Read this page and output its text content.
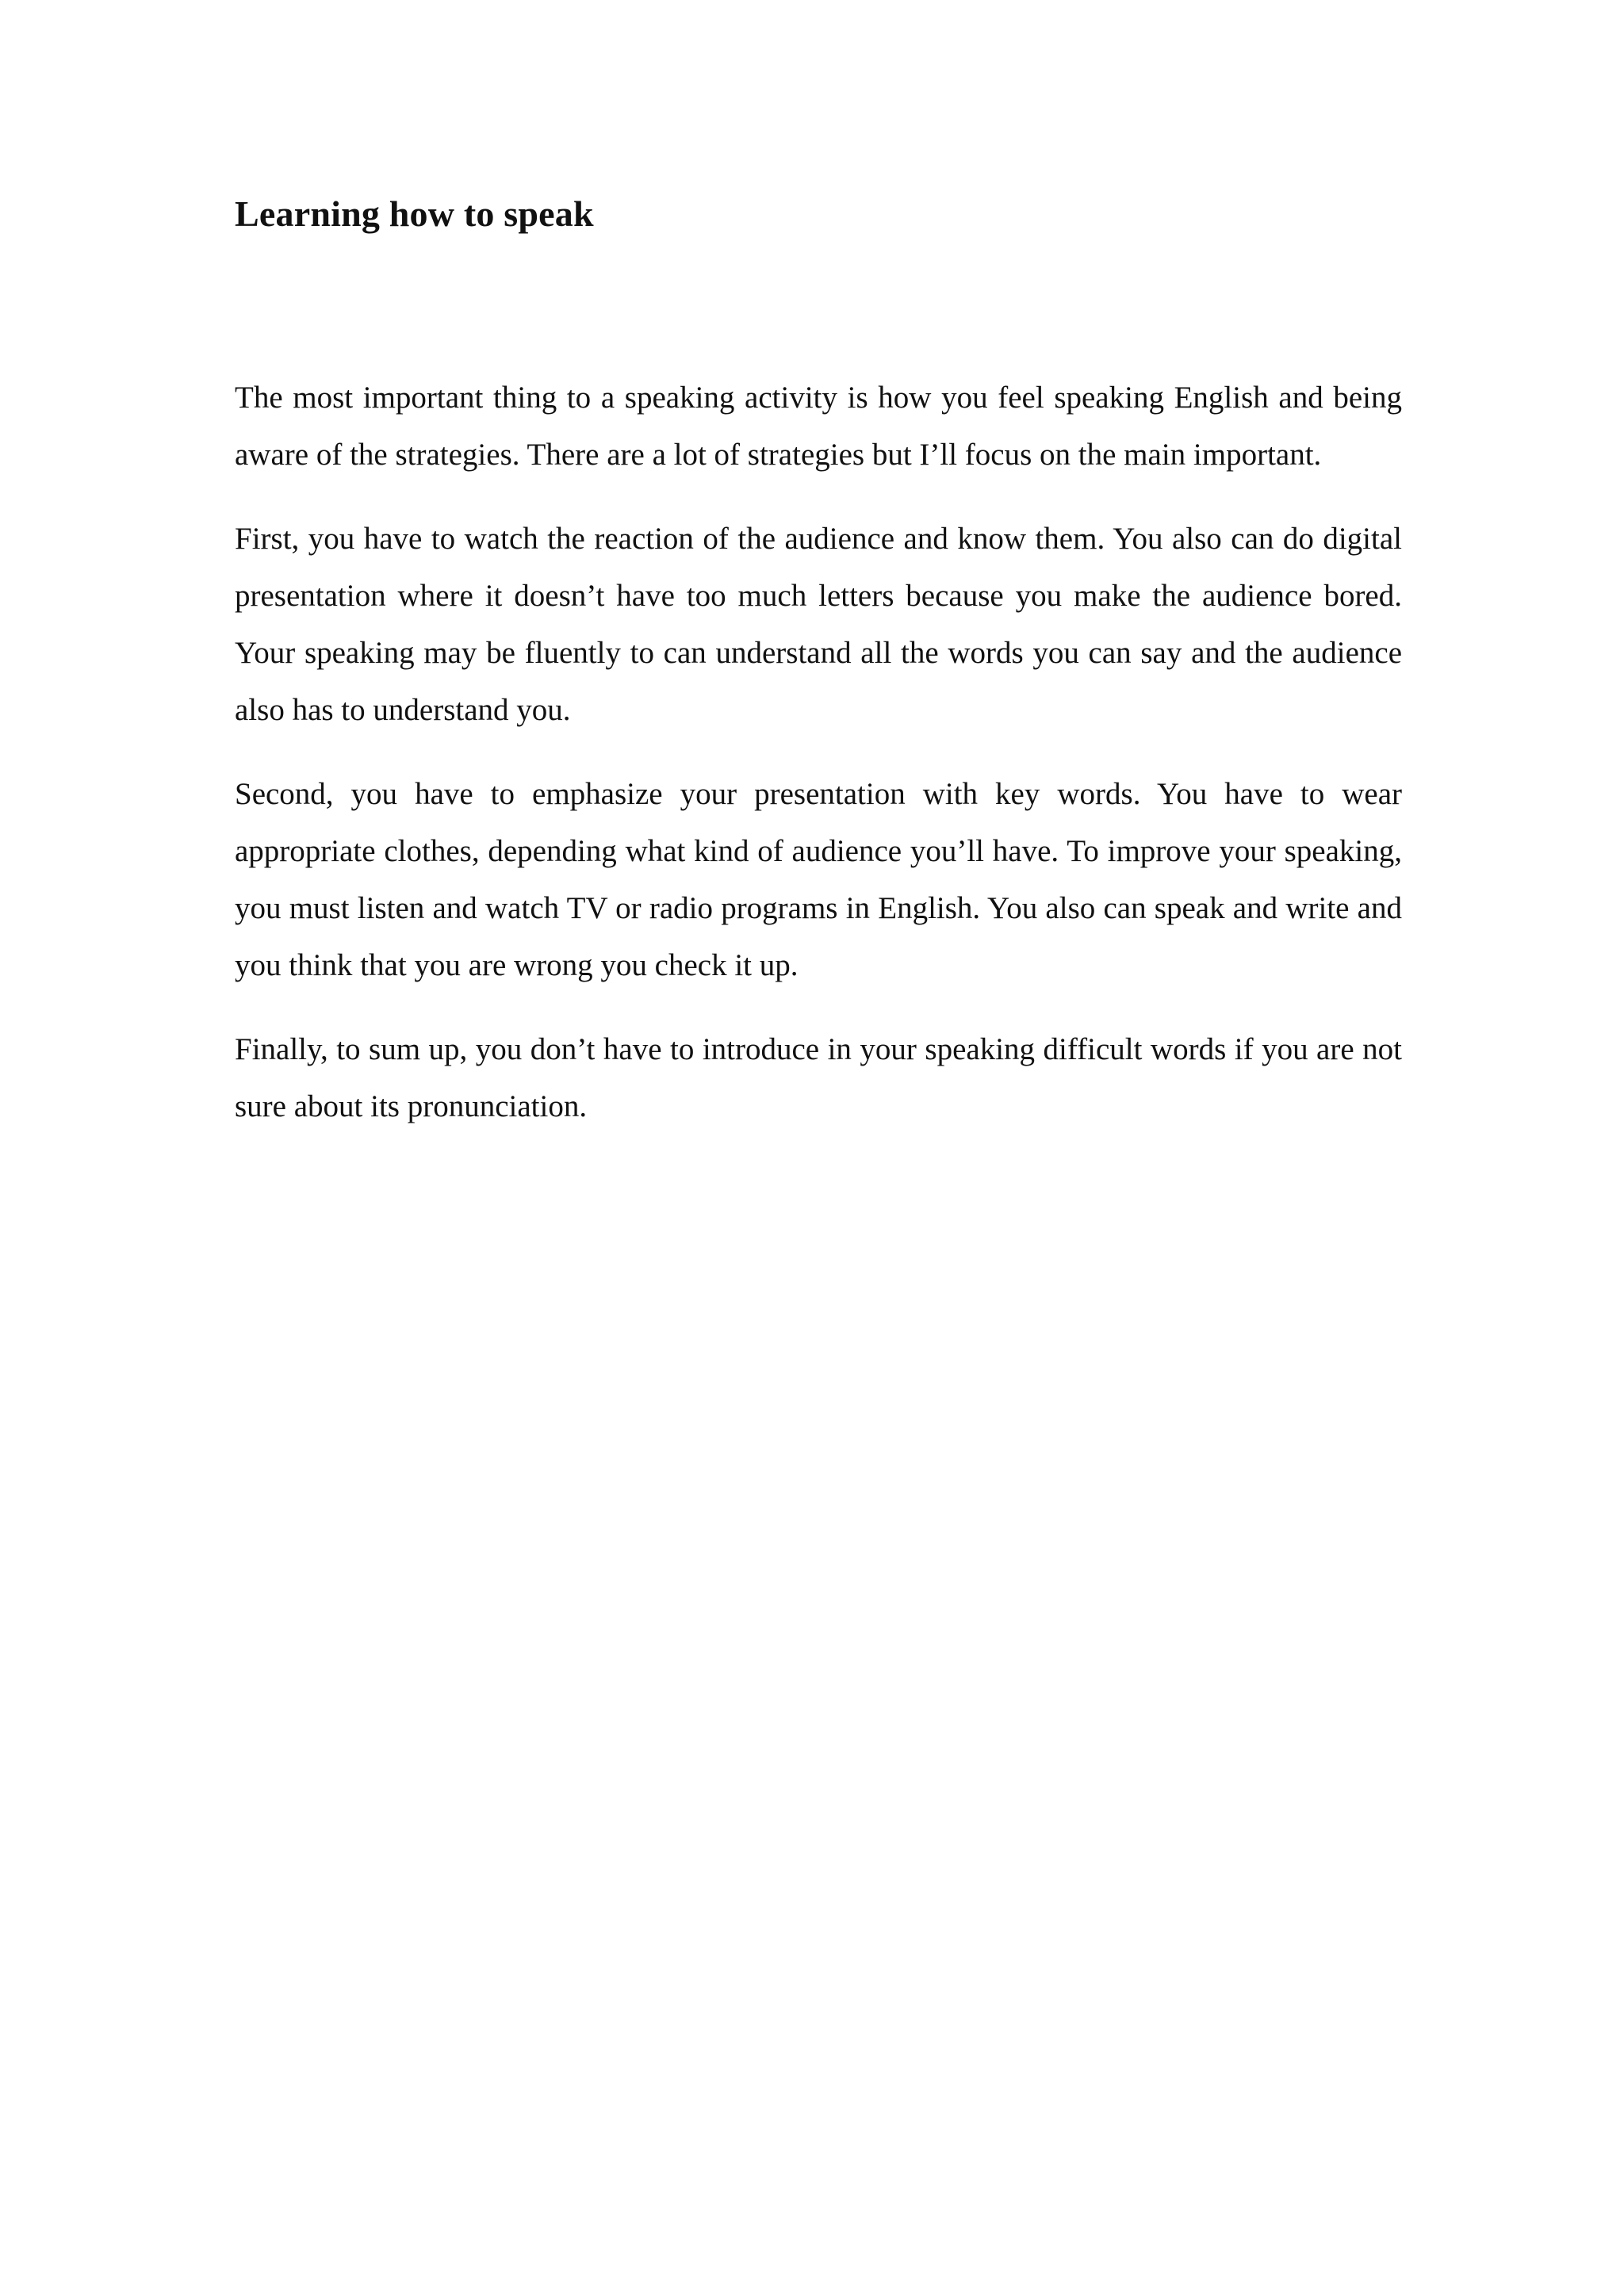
Learning how to speak

The most important thing to a speaking activity is how you feel speaking English and being aware of the strategies. There are a lot of strategies but I’ll focus on the main important.

First, you have to watch the reaction of the audience and know them. You also can do digital presentation where it doesn’t have too much letters because you make the audience bored. Your speaking may be fluently to can understand all the words you can say and the audience also has to understand you.

Second, you have to emphasize your presentation with key words. You have to wear appropriate clothes, depending what kind of audience you’ll have. To improve your speaking, you must listen and watch TV or radio programs in English. You also can speak and write and you think that you are wrong you check it up.

Finally, to sum up, you don’t have to introduce in your speaking difficult words if you are not sure about its pronunciation.
